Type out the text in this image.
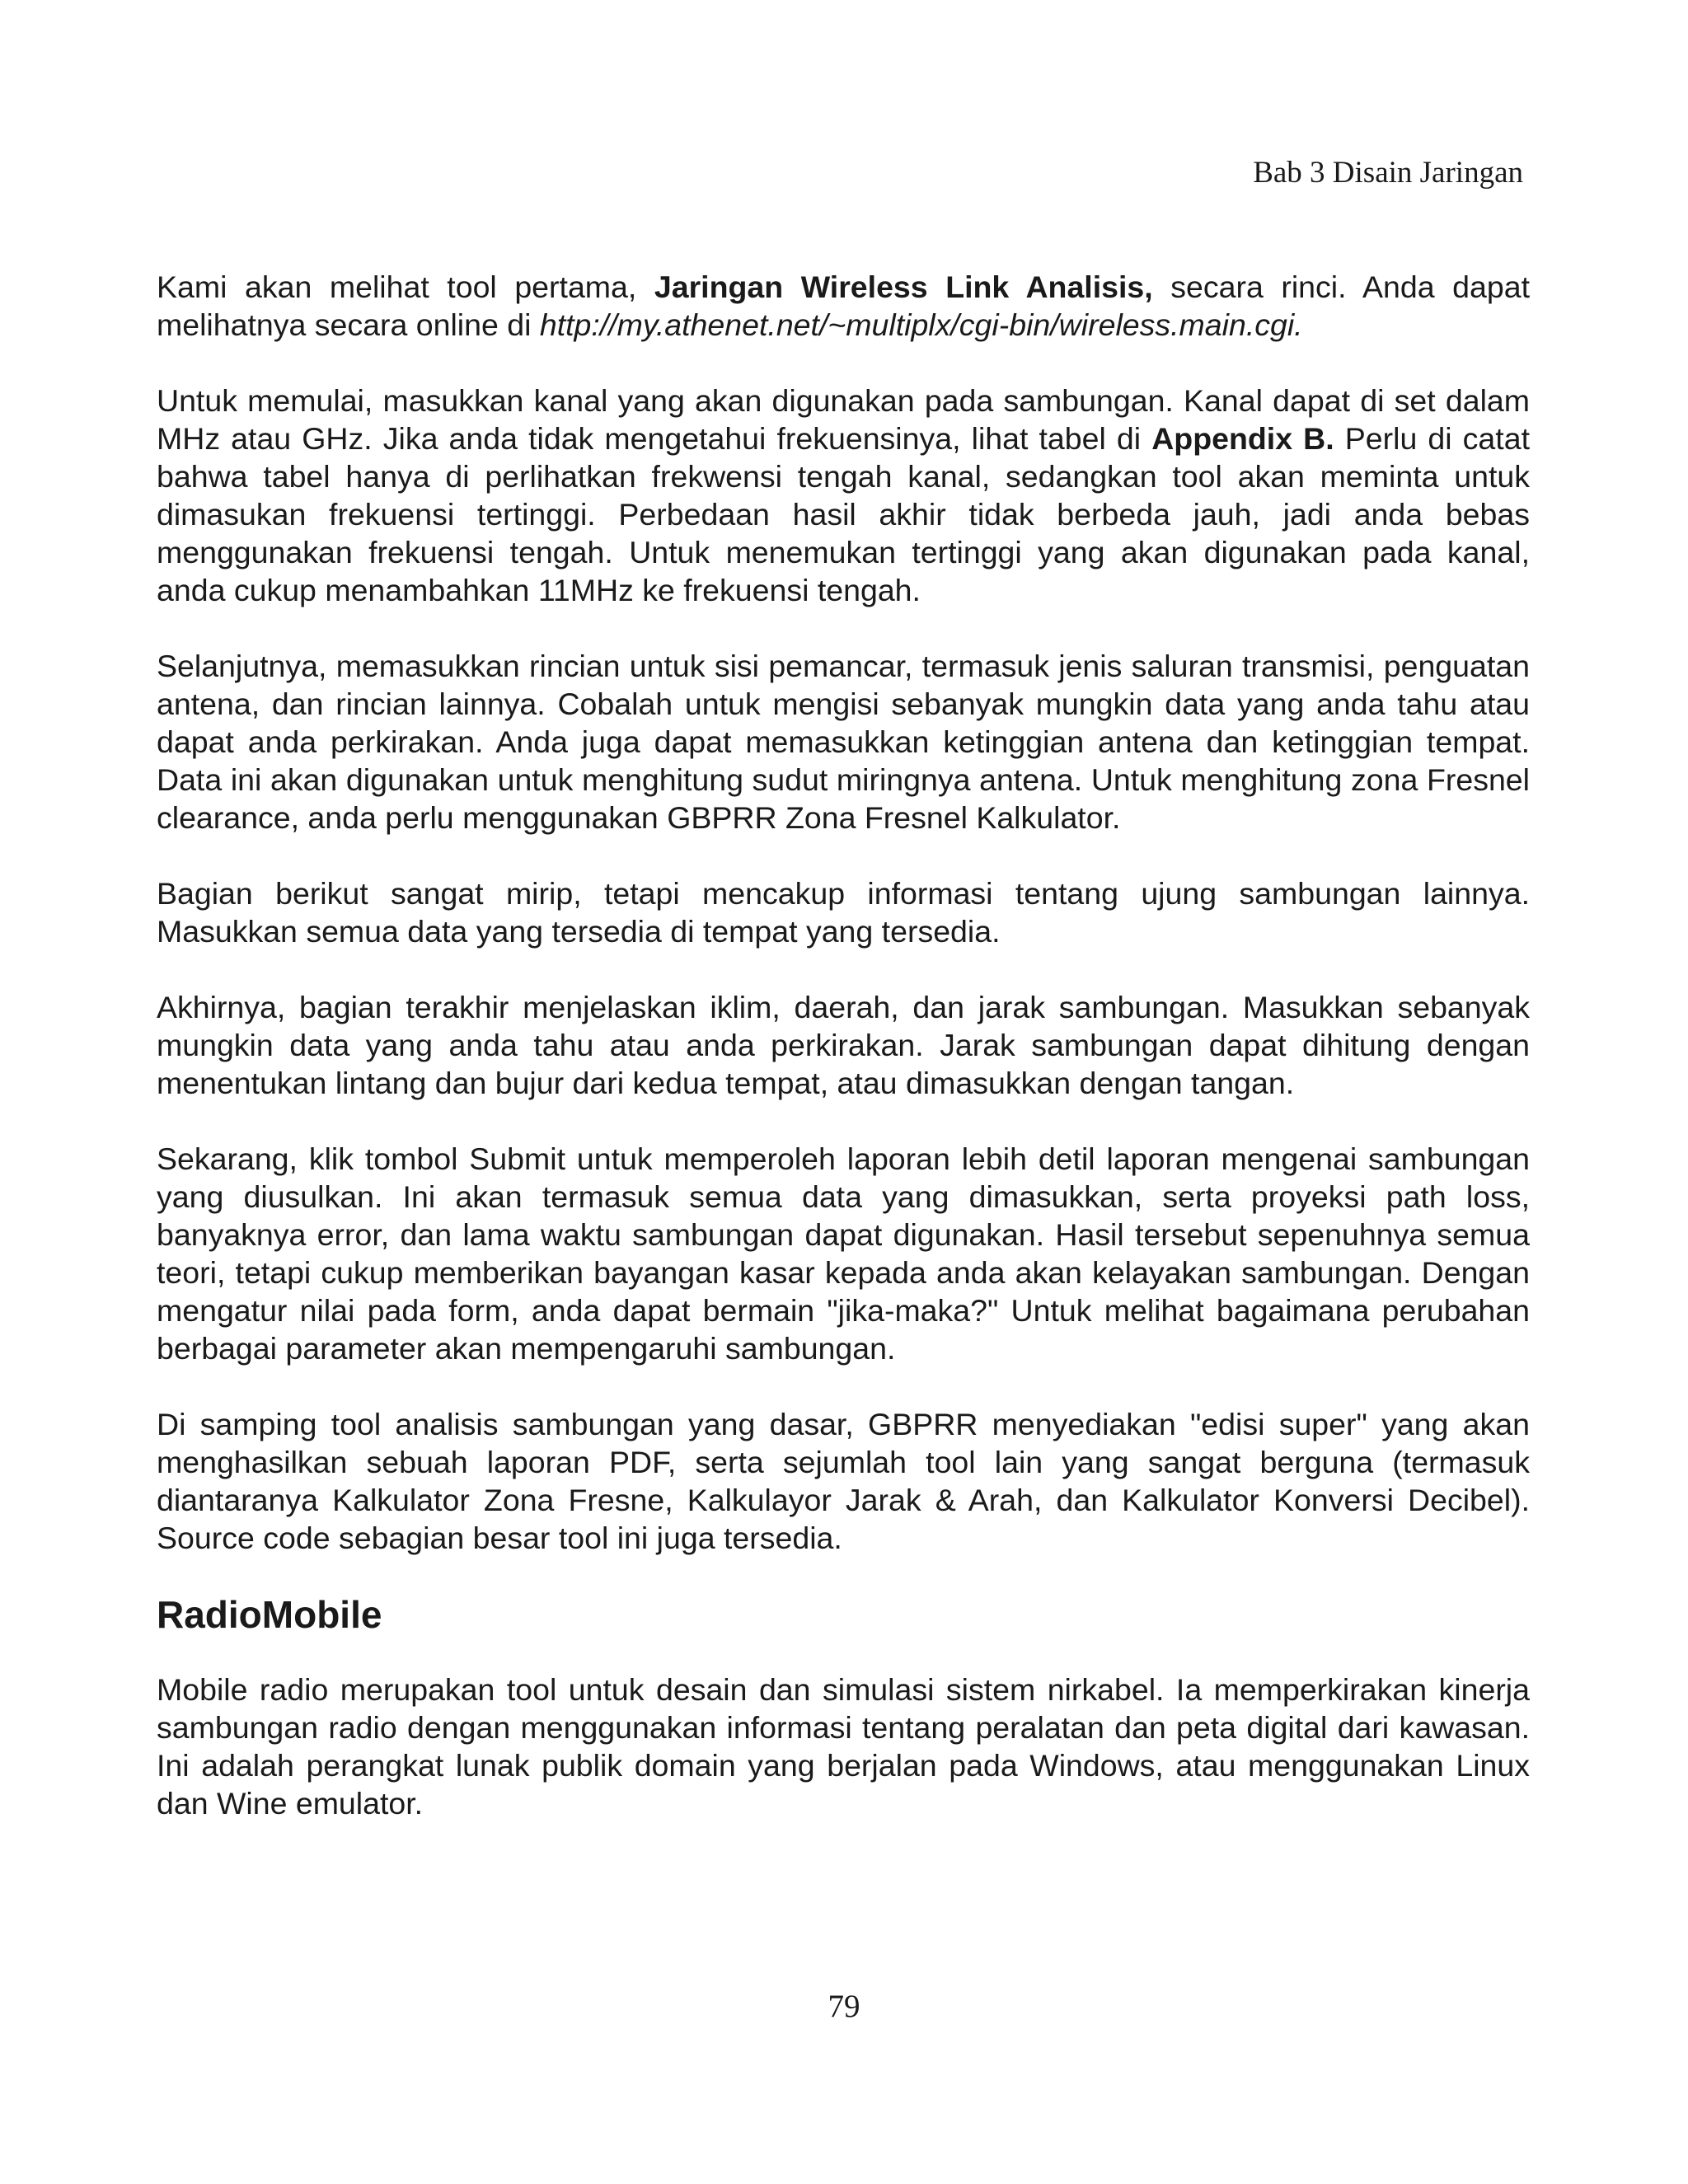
Bab 3 Disain Jaringan

Kami akan melihat tool pertama, Jaringan Wireless Link Analisis, secara rinci. Anda dapat melihatnya secara online di http://my.athenet.net/~multiplx/cgi-bin/wireless.main.cgi.

Untuk memulai, masukkan kanal yang akan digunakan pada sambungan. Kanal dapat di set dalam MHz atau GHz. Jika anda tidak mengetahui frekuensinya, lihat tabel di Appendix B. Perlu di catat bahwa tabel hanya di perlihatkan frekwensi tengah kanal, sedangkan tool akan meminta untuk dimasukan frekuensi tertinggi. Perbedaan hasil akhir tidak berbeda jauh, jadi anda bebas menggunakan frekuensi tengah. Untuk menemukan tertinggi yang akan digunakan pada kanal, anda cukup menambahkan 11MHz ke frekuensi tengah.

Selanjutnya, memasukkan rincian untuk sisi pemancar, termasuk jenis saluran transmisi, penguatan antena, dan rincian lainnya. Cobalah untuk mengisi sebanyak mungkin data yang anda tahu atau dapat anda perkirakan. Anda juga dapat memasukkan ketinggian antena dan ketinggian tempat. Data ini akan digunakan untuk menghitung sudut miringnya antena. Untuk menghitung zona Fresnel clearance, anda perlu menggunakan GBPRR Zona Fresnel Kalkulator.

Bagian berikut sangat mirip, tetapi mencakup informasi tentang ujung sambungan lainnya. Masukkan semua data yang tersedia di tempat yang tersedia.

Akhirnya, bagian terakhir menjelaskan iklim, daerah, dan jarak sambungan. Masukkan sebanyak mungkin data yang anda tahu atau anda perkirakan. Jarak sambungan dapat dihitung dengan menentukan lintang dan bujur dari kedua tempat, atau dimasukkan dengan tangan.

Sekarang, klik tombol Submit untuk memperoleh laporan lebih detil laporan mengenai sambungan yang diusulkan. Ini akan termasuk semua data yang dimasukkan, serta proyeksi path loss, banyaknya error, dan lama waktu sambungan dapat digunakan. Hasil tersebut sepenuhnya semua teori, tetapi cukup memberikan bayangan kasar kepada anda akan kelayakan sambungan. Dengan mengatur nilai pada form, anda dapat bermain "jika-maka?" Untuk melihat bagaimana perubahan berbagai parameter akan mempengaruhi sambungan.

Di samping tool analisis sambungan yang dasar, GBPRR menyediakan "edisi super" yang akan menghasilkan sebuah laporan PDF, serta sejumlah tool lain yang sangat berguna (termasuk diantaranya Kalkulator Zona Fresne, Kalkulayor Jarak & Arah, dan Kalkulator Konversi Decibel). Source code sebagian besar tool ini juga tersedia.

RadioMobile

Mobile radio merupakan tool untuk desain dan simulasi sistem nirkabel. Ia memperkirakan kinerja sambungan radio dengan menggunakan informasi tentang peralatan dan peta digital dari kawasan. Ini adalah perangkat lunak publik domain yang berjalan pada Windows, atau menggunakan Linux dan Wine emulator.

79
